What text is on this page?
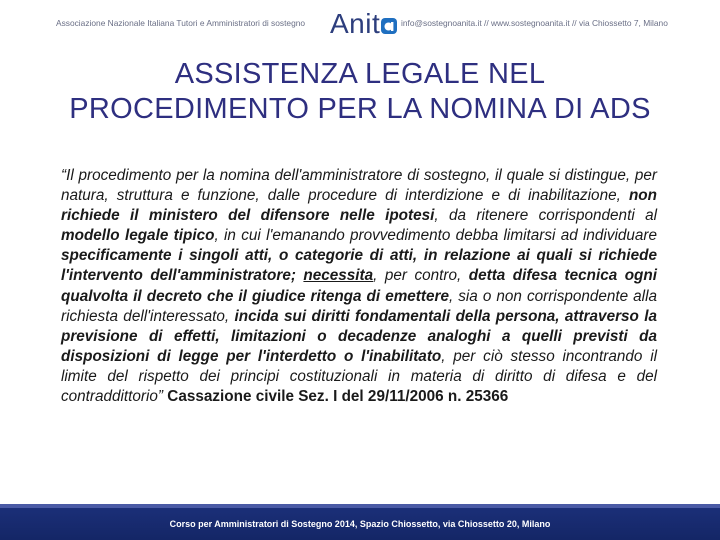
Associazione Nazionale Italiana Tutori e Amministratori di sostegno Anit info@sostegnoanita.it // www.sostegnoanita.it // via Chiossetto 7, Milano
ASSISTENZA LEGALE NEL PROCEDIMENTO PER LA NOMINA DI ADS
“Il procedimento per la nomina dell'amministratore di sostegno, il quale si distingue, per natura, struttura e funzione, dalle procedure di interdizione e di inabilitazione, non richiede il ministero del difensore nelle ipotesi, da ritenere corrispondenti al modello legale tipico, in cui l'emanando provvedimento debba limitarsi ad individuare specificamente i singoli atti, o categorie di atti, in relazione ai quali si richiede l'intervento dell'amministratore; necessita, per contro, detta difesa tecnica ogni qualvolta il decreto che il giudice ritenga di emettere, sia o non corrispondente alla richiesta dell'interessato, incida sui diritti fondamentali della persona, attraverso la previsione di effetti, limitazioni o decadenze analoghi a quelli previsti da disposizioni di legge per l'interdetto o l'inabilitato, per ciò stesso incontrando il limite del rispetto dei principi costituzionali in materia di diritto di difesa e del contraddittorio” Cassazione civile Sez. I del 29/11/2006 n. 25366
Corso per Amministratori di Sostegno 2014, Spazio Chiossetto, via Chiossetto 20, Milano
